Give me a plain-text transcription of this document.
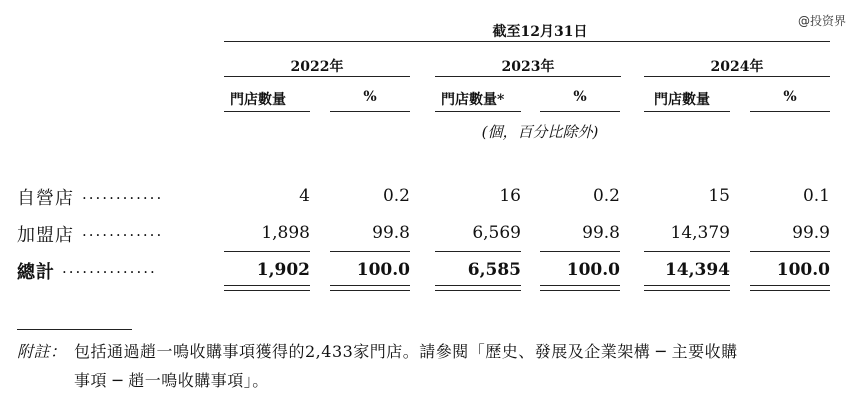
@投资界
截至12月31日
2022年	2023年	2024年
門店數量	%	門店數量*	%	門店數量	%
(個，百分比除外)
自營店 ............	4	0.2	16	0.2	15	0.1
加盟店 ............	1,898	99.8	6,569	99.8	14,379	99.9
總計 ..............	1,902	100.0	6,585	100.0	14,394	100.0
附註： 包括通過趙一鳴收購事項獲得的2,433家門店。請參閱「歷史、發展及企業架構 ─ 主要收購
事項 ─ 趙一鳴收購事項」。
